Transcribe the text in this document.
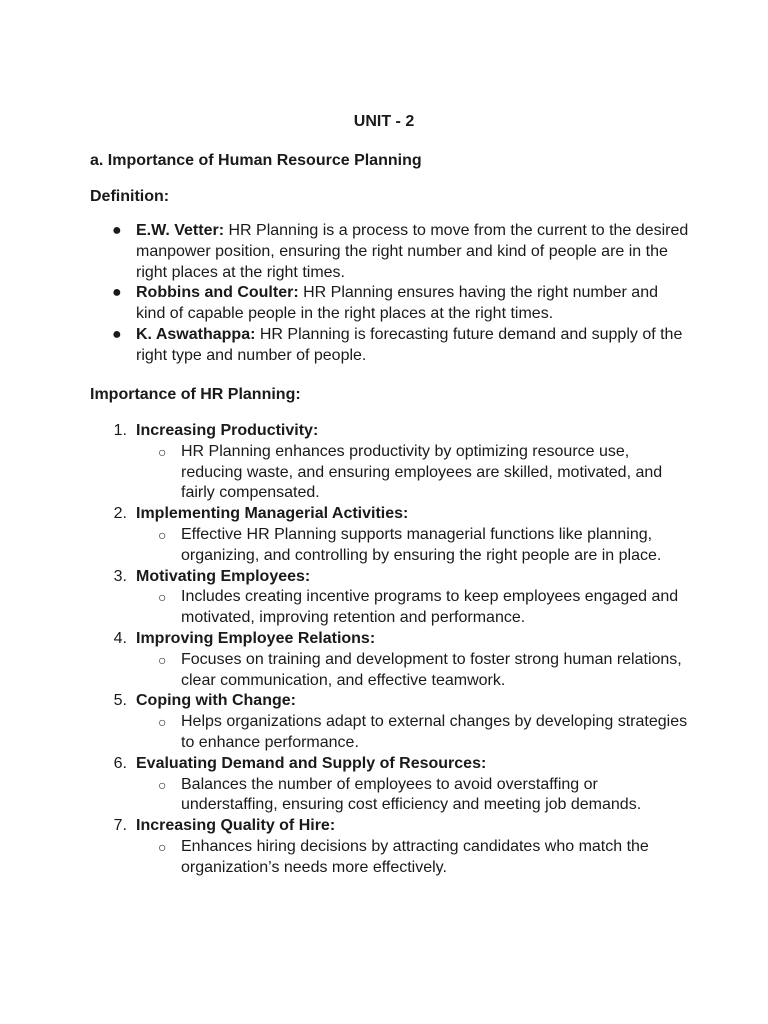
UNIT - 2
a. Importance of Human Resource Planning
Definition:
● E.W. Vetter: HR Planning is a process to move from the current to the desired manpower position, ensuring the right number and kind of people are in the right places at the right times.
● Robbins and Coulter: HR Planning ensures having the right number and kind of capable people in the right places at the right times.
● K. Aswathappa: HR Planning is forecasting future demand and supply of the right type and number of people.
Importance of HR Planning:
1. Increasing Productivity:
○ HR Planning enhances productivity by optimizing resource use, reducing waste, and ensuring employees are skilled, motivated, and fairly compensated.
2. Implementing Managerial Activities:
○ Effective HR Planning supports managerial functions like planning, organizing, and controlling by ensuring the right people are in place.
3. Motivating Employees:
○ Includes creating incentive programs to keep employees engaged and motivated, improving retention and performance.
4. Improving Employee Relations:
○ Focuses on training and development to foster strong human relations, clear communication, and effective teamwork.
5. Coping with Change:
○ Helps organizations adapt to external changes by developing strategies to enhance performance.
6. Evaluating Demand and Supply of Resources:
○ Balances the number of employees to avoid overstaffing or understaffing, ensuring cost efficiency and meeting job demands.
7. Increasing Quality of Hire:
○ Enhances hiring decisions by attracting candidates who match the organization’s needs more effectively.
